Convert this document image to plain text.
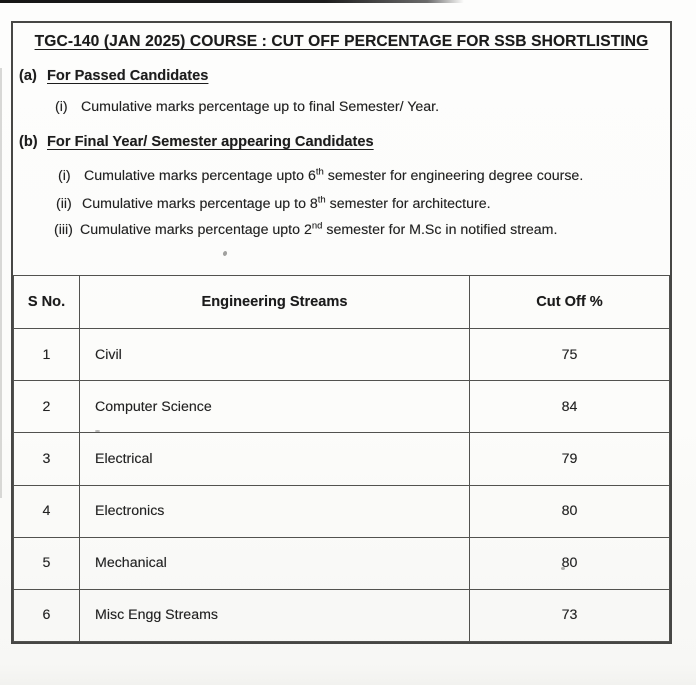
TGC-140 (JAN 2025) COURSE : CUT OFF PERCENTAGE FOR SSB SHORTLISTING
(a) For Passed Candidates
(i) Cumulative marks percentage up to final Semester/ Year.
(b) For Final Year/ Semester appearing Candidates
(i) Cumulative marks percentage upto 6th semester for engineering degree course.
(ii) Cumulative marks percentage up to 8th semester for architecture.
(iii) Cumulative marks percentage upto 2nd semester for M.Sc in notified stream.
S No.	Engineering Streams	Cut Off %
1	Civil	75
2	Computer Science	84
3	Electrical	79
4	Electronics	80
5	Mechanical	80
6	Misc Engg Streams	73
